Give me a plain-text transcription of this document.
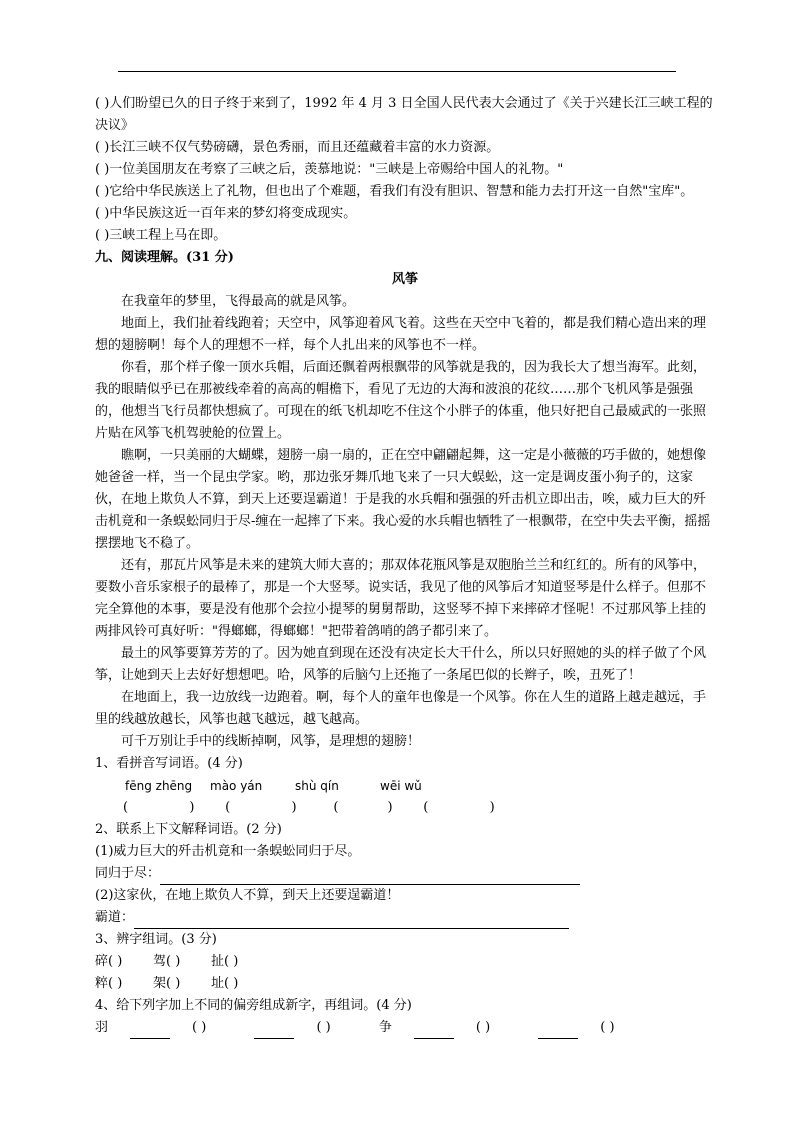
( )人们盼望已久的日子终于来到了，1992 年 4 月 3 日全国人民代表大会通过了《关于兴建长江三峡工程的决议》

( )长江三峡不仅气势磅礴，景色秀丽，而且还蕴藏着丰富的水力资源。

( )一位美国朋友在考察了三峡之后，羡慕地说："三峡是上帝赐给中国人的礼物。"

( )它给中华民族送上了礼物，但也出了个难题，看我们有没有胆识、智慧和能力去打开这一自然"宝库"。

( )中华民族这近一百年来的梦幻将变成现实。

( )三峡工程上马在即。

九、阅读理解。(31 分)

风筝

在我童年的梦里，飞得最高的就是风筝。

地面上，我们扯着线跑着；天空中，风筝迎着风飞着。这些在天空中飞着的，都是我们精心造出来的理想的翅膀啊！每个人的理想不一样，每个人扎出来的风筝也不一样。

你看，那个样子像一顶水兵帽，后面还飘着两根飘带的风筝就是我的，因为我长大了想当海军。此刻，我的眼睛似乎已在那被线牵着的高高的帽檐下，看见了无边的大海和波浪的花纹……那个飞机风筝是强强的，他想当飞行员都快想疯了。可现在的纸飞机却吃不住这个小胖子的体重，他只好把自己最威武的一张照片贴在风筝飞机驾驶舱的位置上。

瞧啊，一只美丽的大蝴蝶，翅膀一扇一扇的，正在空中翩翩起舞，这一定是小薇薇的巧手做的，她想像她爸爸一样，当一个昆虫学家。哟，那边张牙舞爪地飞来了一只大蜈蚣，这一定是调皮蛋小狗子的，这家伙，在地上欺负人不算，到天上还要逞霸道！于是我的水兵帽和强强的歼击机立即出击，唉，威力巨大的歼击机竟和一条蜈蚣同归于尽-缠在一起摔了下来。我心爱的水兵帽也牺牲了一根飘带，在空中失去平衡，摇摇摆摆地飞不稳了。

还有，那瓦片风筝是未来的建筑大师大喜的；那双体花瓶风筝是双胞胎兰兰和红红的。所有的风筝中，要数小音乐家根子的最棒了，那是一个大竖琴。说实话，我见了他的风筝后才知道竖琴是什么样子。但那不完全算他的本事，要是没有他那个会拉小提琴的舅舅帮助，这竖琴不掉下来摔碎才怪呢！不过那风筝上挂的两排风铃可真好听："得螂螂，得螂螂！"把带着鸽哨的鸽子都引来了。

最土的风筝要算芳芳的了。因为她直到现在还没有决定长大干什么，所以只好照她的头的样子做了个风筝，让她到天上去好好想想吧。哈，风筝的后脑勺上还拖了一条尾巴似的长辫子，唉，丑死了！

在地面上，我一边放线一边跑着。啊，每个人的童年也像是一个风筝。你在人生的道路上越走越远，手里的线越放越长，风筝也越飞越远，越飞越高。

可千万别让手中的线断掉啊，风筝，是理想的翅膀！

1、看拼音写词语。(4 分)

fēng zhēng	mào yán	shù qín	wēi wǔ

(          )     (          )      (        )     (          )

2、联系上下文解释词语。(2 分)

(1)威力巨大的歼击机竟和一条蜈蚣同归于尽。

同归于尽：

(2)这家伙，在地上欺负人不算，到天上还要逞霸道！

霸道：

3、辨字组词。(3 分)

碎( )	驾( )	扯( )
粹( )	架( )	址( )

4、给下列字加上不同的偏旁组成新字，再组词。(4 分)

羽	( )	( )	争	( )	( )
